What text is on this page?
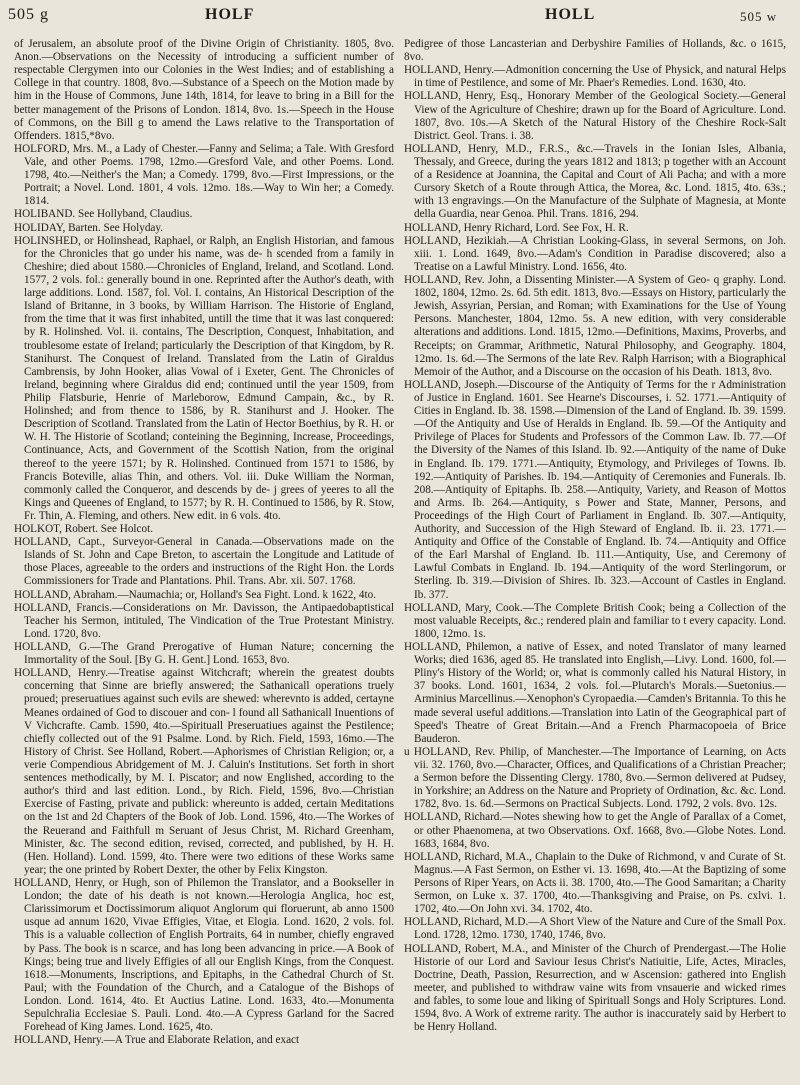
505 g	HOLF	HOLL	505 w

of Jerusalem, an absolute proof of the Divine Origin of Christianity. 1805, 8vo. Anon.—Observations on the Necessity of introducing a sufficient number of respectable Clergymen into our Colonies in the West Indies; and of establishing a College in that country. 1808, 8vo.—Substance of a Speech on the Motion made by him in the House of Commons, June 14th, 1814, for leave to bring in a Bill for the better management of the Prisons of London. 1814, 8vo. 1s.—Speech in the House of Commons, on the Bill g to amend the Laws relative to the Transportation of Offenders. 1815,*8vo.

HOLFORD, Mrs. M., a Lady of Chester.—Fanny and Selima; a Tale. With Gresford Vale, and other Poems. 1798, 12mo.—Gresford Vale, and other Poems. Lond. 1798, 4to.—Neither's the Man; a Comedy. 1799, 8vo.—First Impressions, or the Portrait; a Novel. Lond. 1801, 4 vols. 12mo. 18s.—Way to Win her; a Comedy. 1814.

HOLIBAND. See Hollyband, Claudius.

HOLIDAY, Barten. See Holyday.

HOLINSHED, or Holinshead, Raphael, or Ralph, an English Historian, and famous for the Chronicles that go under his name, was de- h scended from a family in Cheshire; died about 1580.—Chronicles of England, Ireland, and Scotland. Lond. 1577, 2 vols. fol.: generally bound in one. Reprinted after the Author's death, with large additions. Lond. 1587, fol. Vol. I. contains, An Historical Description of the Island of Britanne, in 3 books, by William Harrison. The Historie of England, from the time that it was first inhabited, untill the time that it was last conquered: by R. Holinshed. Vol. ii. contains, The Description, Conquest, Inhabitation, and troublesome estate of Ireland; particularly the Description of that Kingdom, by R. Stanihurst. The Conquest of Ireland. Translated from the Latin of Giraldus Cambrensis, by John Hooker, alias Vowal of i Exeter, Gent. The Chronicles of Ireland, beginning where Giraldus did end; continued until the year 1509, from Philip Flatsburie, Henrie of Marleborow, Edmund Campain, &c., by R. Holinshed; and from thence to 1586, by R. Stanihurst and J. Hooker. The Description of Scotland. Translated from the Latin of Hector Boethius, by R. H. or W. H. The Historie of Scotland; conteining the Beginning, Increase, Proceedings, Continuance, Acts, and Government of the Scottish Nation, from the original thereof to the yeere 1571; by R. Holinshed. Continued from 1571 to 1586, by Francis Boteville, alias Thin, and others. Vol. iii. Duke William the Norman, commonly called the Conqueror, and descends by de- j grees of yeeres to all the Kings and Queenes of England, to 1577; by R. H. Continued to 1586, by R. Stow, Fr. Thin, A. Fleming, and others. New edit. in 6 vols. 4to.

HOLKOT, Robert. See Holcot.

HOLLAND, Capt., Surveyor-General in Canada.—Observations made on the Islands of St. John and Cape Breton, to ascertain the Longitude and Latitude of those Places, agreeable to the orders and instructions of the Right Hon. the Lords Commissioners for Trade and Plantations. Phil. Trans. Abr. xii. 507. 1768.

HOLLAND, Abraham.—Naumachia; or, Holland's Sea Fight. Lond. k 1622, 4to.

HOLLAND, Francis.—Considerations on Mr. Davisson, the Antipaedobaptistical Teacher his Sermon, intituled, The Vindication of the True Protestant Ministry. Lond. 1720, 8vo.

HOLLAND, G.—The Grand Prerogative of Human Nature; concerning the Immortality of the Soul. [By G. H. Gent.] Lond. 1653, 8vo.

HOLLAND, Henry.—Treatise against Witchcraft; wherein the greatest doubts concerning that Sinne are briefly answered; the Sathanicall operations truely proued; preseruatiues against such evils are shewed: wherevnto is added, certayne Meanes ordained of God to discouer and con- l found all Sathanicall Inuentions of V Vichcrafte. Camb. 1590, 4to.—Spirituall Preseruatiues against the Pestilence; chiefly collected out of the 91 Psalme. Lond. by Rich. Field, 1593, 16mo.—The History of Christ. See Holland, Robert.—Aphorismes of Christian Religion; or, a verie Compendious Abridgement of M. J. Caluin's Institutions. Set forth in short sentences methodically, by M. I. Piscator; and now Englished, according to the author's third and last edition. Lond., by Rich. Field, 1596, 8vo.—Christian Exercise of Fasting, private and publick: whereunto is added, certain Meditations on the 1st and 2d Chapters of the Book of Job. Lond. 1596, 4to.—The Workes of the Reuerand and Faithfull m Seruant of Jesus Christ, M. Richard Greenham, Minister, &c. The second edition, revised, corrected, and published, by H. H. (Hen. Holland). Lond. 1599, 4to. There were two editions of these Works same year; the one printed by Robert Dexter, the other by Felix Kingston.

HOLLAND, Henry, or Hugh, son of Philemon the Translator, and a Bookseller in London; the date of his death is not known.—Herologia Anglica, hoc est, Clarissimorum et Doctissimorum aliquot Anglorum qui floruerunt, ab anno 1500 usque ad annum 1620, Vivae Effigies, Vitae, et Elogia. Lond. 1620, 2 vols. fol. This is a valuable collection of English Portraits, 64 in number, chiefly engraved by Pass. The book is n scarce, and has long been advancing in price.—A Book of Kings; being true and lively Effigies of all our English Kings, from the Conquest. 1618.—Monuments, Inscriptions, and Epitaphs, in the Cathedral Church of St. Paul; with the Foundation of the Church, and a Catalogue of the Bishops of London. Lond. 1614, 4to. Et Auctius Latine. Lond. 1633, 4to.—Monumenta Sepulchralia Ecclesiae S. Pauli. Lond. 4to.—A Cypress Garland for the Sacred Forehead of King James. Lond. 1625, 4to.

HOLLAND, Henry.—A True and Elaborate Relation, and exact

Pedigree of those Lancasterian and Derbyshire Families of Hollands, &c. o 1615, 8vo.

HOLLAND, Henry.—Admonition concerning the Use of Physick, and natural Helps in time of Pestilence, and some of Mr. Phaer's Remedies. Lond. 1630, 4to.

HOLLAND, Henry, Esq., Honorary Member of the Geological Society.—General View of the Agriculture of Cheshire; drawn up for the Board of Agriculture. Lond. 1807, 8vo. 10s.—A Sketch of the Natural History of the Cheshire Rock-Salt District. Geol. Trans. i. 38.

HOLLAND, Henry, M.D., F.R.S., &c.—Travels in the Ionian Isles, Albania, Thessaly, and Greece, during the years 1812 and 1813; p together with an Account of a Residence at Joannina, the Capital and Court of Ali Pacha; and with a more Cursory Sketch of a Route through Attica, the Morea, &c. Lond. 1815, 4to. 63s.; with 13 engravings.—On the Manufacture of the Sulphate of Magnesia, at Monte della Guardia, near Genoa. Phil. Trans. 1816, 294.

HOLLAND, Henry Richard, Lord. See Fox, H. R.

HOLLAND, Hezikiah.—A Christian Looking-Glass, in several Sermons, on Joh. xiii. 1. Lond. 1649, 8vo.—Adam's Condition in Paradise discovered; also a Treatise on a Lawful Ministry. Lond. 1656, 4to.

HOLLAND, Rev. John, a Dissenting Minister.—A System of Geo- q graphy. Lond. 1802, 1804, 12mo. 2s. 6d. 5th edit. 1813, 8vo.—Essays on History, particularly the Jewish, Assyrian, Persian, and Roman; with Examinations for the Use of Young Persons. Manchester, 1804, 12mo. 5s. A new edition, with very considerable alterations and additions. Lond. 1815, 12mo.—Definitions, Maxims, Proverbs, and Receipts; on Grammar, Arithmetic, Natural Philosophy, and Geography. 1804, 12mo. 1s. 6d.—The Sermons of the late Rev. Ralph Harrison; with a Biographical Memoir of the Author, and a Discourse on the occasion of his Death. 1813, 8vo.

HOLLAND, Joseph.—Discourse of the Antiquity of Terms for the r Administration of Justice in England. 1601. See Hearne's Discourses, i. 52. 1771.—Antiquity of Cities in England. Ib. 38. 1598.—Dimension of the Land of England. Ib. 39. 1599.—Of the Antiquity and Use of Heralds in England. Ib. 59.—Of the Antiquity and Privilege of Places for Students and Professors of the Common Law. Ib. 77.—Of the Diversity of the Names of this Island. Ib. 92.—Antiquity of the name of Duke in England. Ib. 179. 1771.—Antiquity, Etymology, and Privileges of Towns. Ib. 192.—Antiquity of Parishes. Ib. 194.—Antiquity of Ceremonies and Funerals. Ib. 208.—Antiquity of Epitaphs. Ib. 258.—Antiquity, Variety, and Reason of Mottos and Arms. Ib. 264.—Antiquity, s Power and State, Manner, Persons, and Proceedings of the High Court of Parliament in England. Ib. 307.—Antiquity, Authority, and Succession of the High Steward of England. Ib. ii. 23. 1771.—Antiquity and Office of the Constable of England. Ib. 74.—Antiquity and Office of the Earl Marshal of England. Ib. 111.—Antiquity, Use, and Ceremony of Lawful Combats in England. Ib. 194.—Antiquity of the word Sterlingorum, or Sterling. Ib. 319.—Division of Shires. Ib. 323.—Account of Castles in England. Ib. 377.

HOLLAND, Mary, Cook.—The Complete British Cook; being a Collection of the most valuable Receipts, &c.; rendered plain and familiar to t every capacity. Lond. 1800, 12mo. 1s.

HOLLAND, Philemon, a native of Essex, and noted Translator of many learned Works; died 1636, aged 85. He translated into English,—Livy. Lond. 1600, fol.—Pliny's History of the World; or, what is commonly called his Natural History, in 37 books. Lond. 1601, 1634, 2 vols. fol.—Plutarch's Morals.—Suetonius.—Arminius Marcellinus.—Xenophon's Cyropaedia.—Camden's Britannia. To this he made several useful additions.—Translation into Latin of the Geographical part of Speed's Theatre of Great Britain.—And a French Pharmacopoeia of Brice Bauderon.

u HOLLAND, Rev. Philip, of Manchester.—The Importance of Learning, on Acts vii. 32. 1760, 8vo.—Character, Offices, and Qualifications of a Christian Preacher; a Sermon before the Dissenting Clergy. 1780, 8vo.—Sermon delivered at Pudsey, in Yorkshire; an Address on the Nature and Propriety of Ordination, &c. &c. Lond. 1782, 8vo. 1s. 6d.—Sermons on Practical Subjects. Lond. 1792, 2 vols. 8vo. 12s.

HOLLAND, Richard.—Notes shewing how to get the Angle of Parallax of a Comet, or other Phaenomena, at two Observations. Oxf. 1668, 8vo.—Globe Notes. Lond. 1683, 1684, 8vo.

HOLLAND, Richard, M.A., Chaplain to the Duke of Richmond, v and Curate of St. Magnus.—A Fast Sermon, on Esther vi. 13. 1698, 4to.—At the Baptizing of some Persons of Riper Years, on Acts ii. 38. 1700, 4to.—The Good Samaritan; a Charity Sermon, on Luke x. 37. 1700, 4to.—Thanksgiving and Praise, on Ps. cxlvi. 1. 1702, 4to.—On John xvi. 34. 1702, 4to.

HOLLAND, Richard, M.D.—A Short View of the Nature and Cure of the Small Pox. Lond. 1728, 12mo. 1730, 1740, 1746, 8vo.

HOLLAND, Robert, M.A., and Minister of the Church of Prendergast.—The Holie Historie of our Lord and Saviour Iesus Christ's Natiuitie, Life, Actes, Miracles, Doctrine, Death, Passion, Resurrection, and w Ascension: gathered into English meeter, and published to withdraw vaine wits from vnsauerie and wicked rimes and fables, to some loue and liking of Spirituall Songs and Holy Scriptures. Lond. 1594, 8vo. A Work of extreme rarity. The author is inaccurately said by Herbert to be Henry Holland.
